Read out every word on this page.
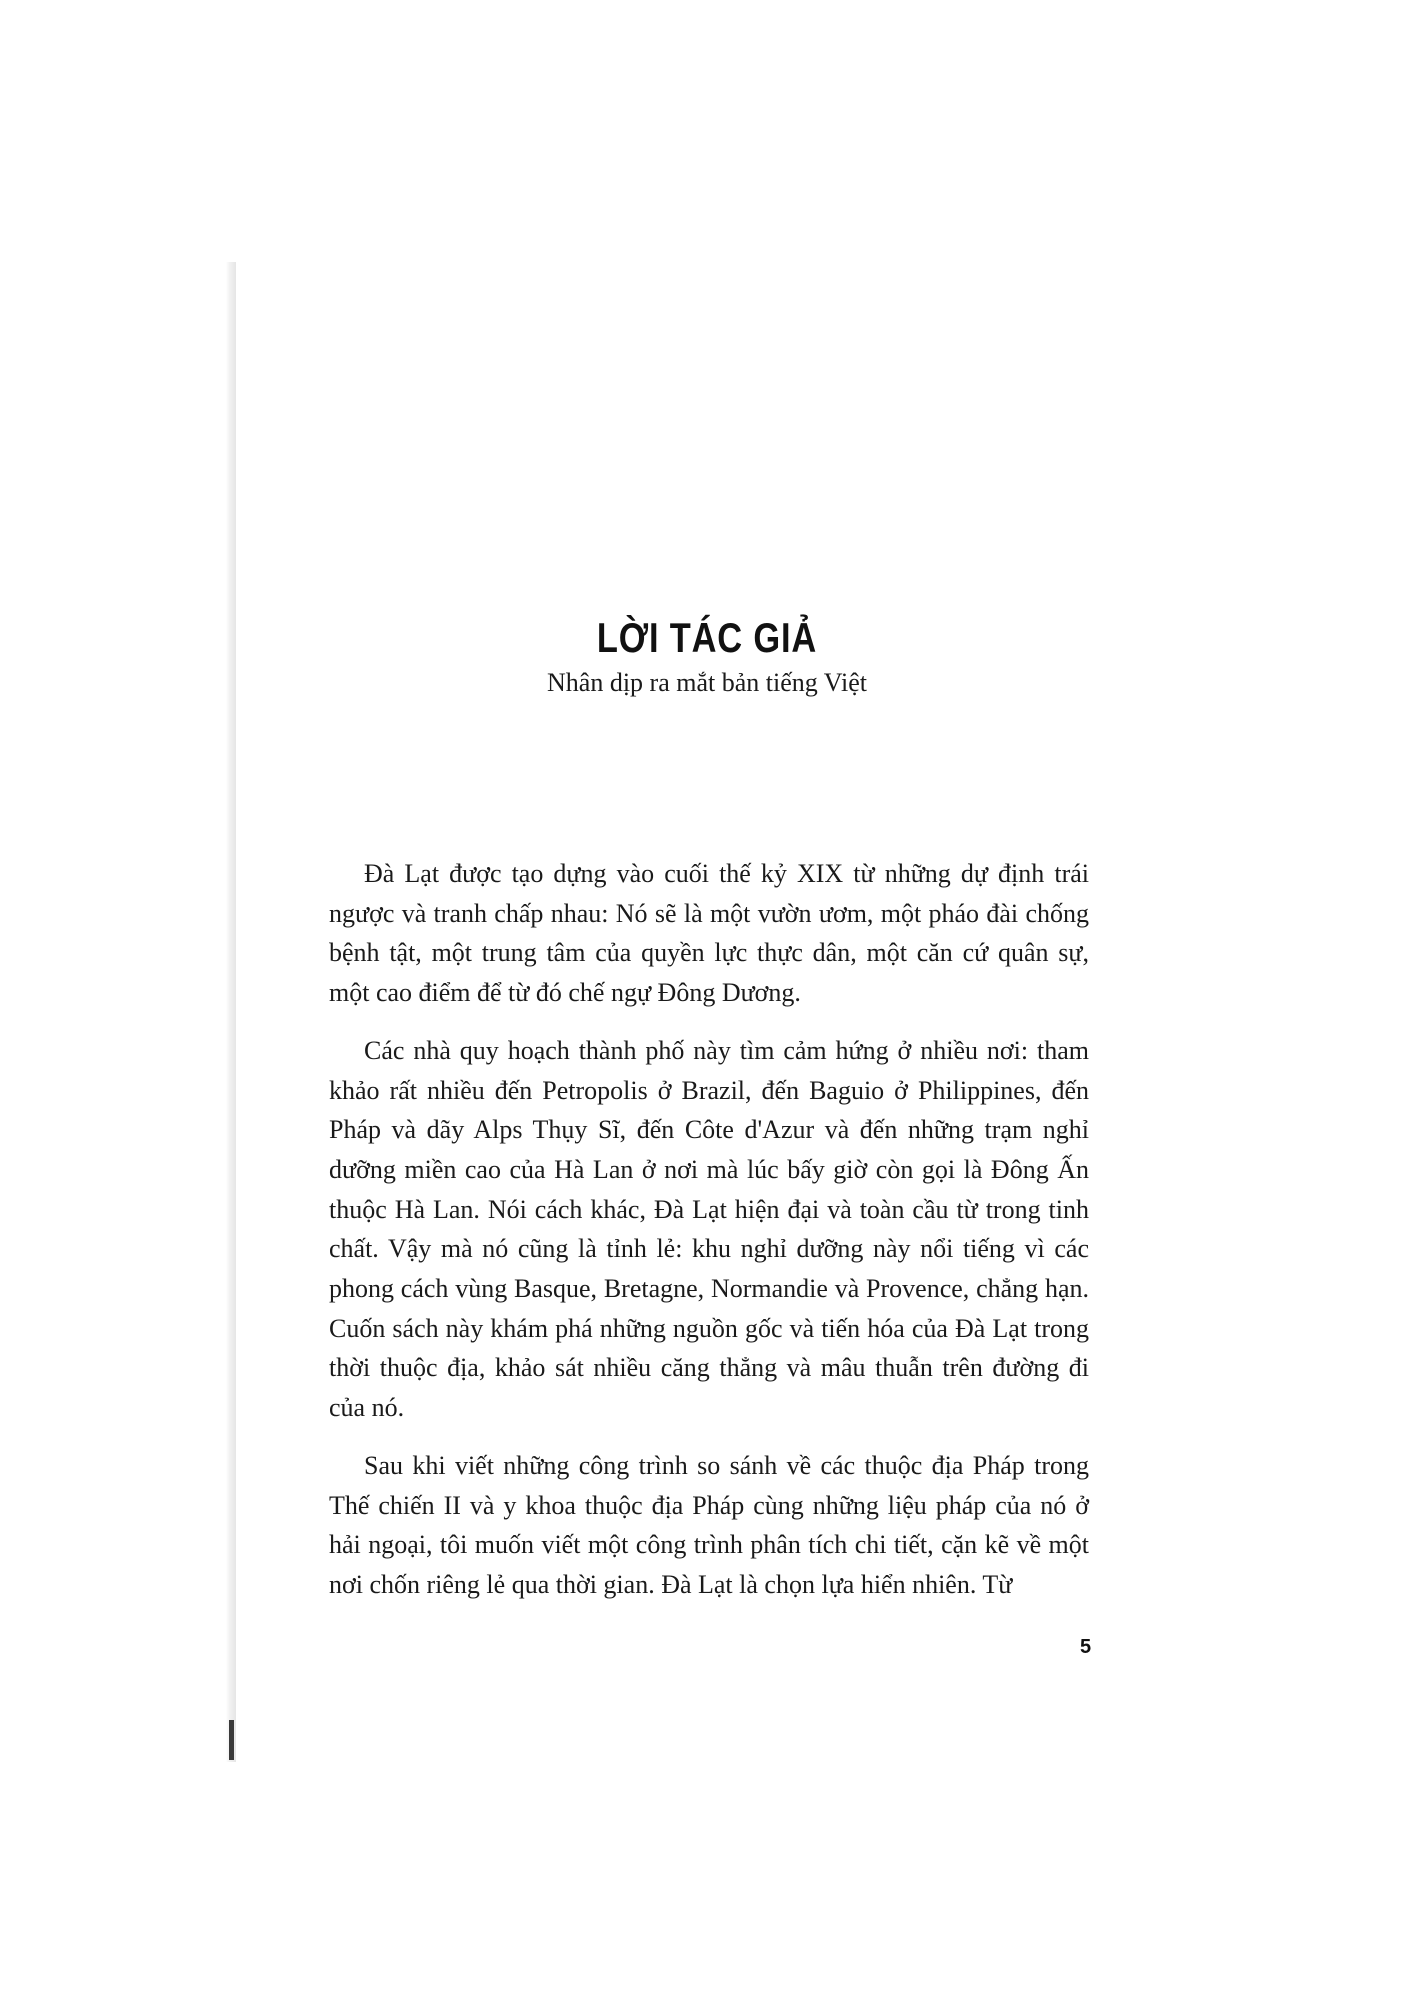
LỜI TÁC GIẢ
Nhân dịp ra mắt bản tiếng Việt

Đà Lạt được tạo dựng vào cuối thế kỷ XIX từ những dự định trái ngược và tranh chấp nhau: Nó sẽ là một vườn ươm, một pháo đài chống bệnh tật, một trung tâm của quyền lực thực dân, một căn cứ quân sự, một cao điểm để từ đó chế ngự Đông Dương.

Các nhà quy hoạch thành phố này tìm cảm hứng ở nhiều nơi: tham khảo rất nhiều đến Petropolis ở Brazil, đến Baguio ở Philippines, đến Pháp và dãy Alps Thụy Sĩ, đến Côte d'Azur và đến những trạm nghỉ dưỡng miền cao của Hà Lan ở nơi mà lúc bấy giờ còn gọi là Đông Ấn thuộc Hà Lan. Nói cách khác, Đà Lạt hiện đại và toàn cầu từ trong tinh chất. Vậy mà nó cũng là tỉnh lẻ: khu nghỉ dưỡng này nổi tiếng vì các phong cách vùng Basque, Bretagne, Normandie và Provence, chẳng hạn. Cuốn sách này khám phá những nguồn gốc và tiến hóa của Đà Lạt trong thời thuộc địa, khảo sát nhiều căng thẳng và mâu thuẫn trên đường đi của nó.

Sau khi viết những công trình so sánh về các thuộc địa Pháp trong Thế chiến II và y khoa thuộc địa Pháp cùng những liệu pháp của nó ở hải ngoại, tôi muốn viết một công trình phân tích chi tiết, cặn kẽ về một nơi chốn riêng lẻ qua thời gian. Đà Lạt là chọn lựa hiển nhiên. Từ

5
